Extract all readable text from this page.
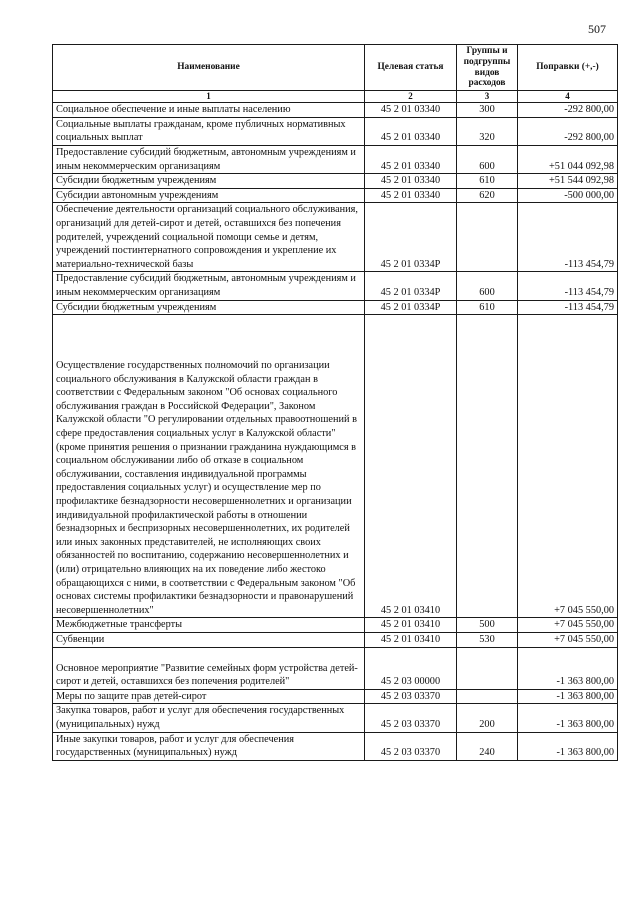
507
Наименование	Целевая статья	Группы и подгруппы видов расходов	Поправки (+,-)
1	2	3	4
Социальное обеспечение и иные выплаты населению	45 2 01 03340	300	-292 800,00
Социальные выплаты гражданам, кроме публичных нормативных социальных выплат	45 2 01 03340	320	-292 800,00
Предоставление субсидий бюджетным, автономным учреждениям и иным некоммерческим организациям	45 2 01 03340	600	+51 044 092,98
Субсидии бюджетным учреждениям	45 2 01 03340	610	+51 544 092,98
Субсидии автономным учреждениям	45 2 01 03340	620	-500 000,00
Обеспечение деятельности организаций социального обслуживания, организаций для детей-сирот и детей, оставшихся без попечения родителей, учреждений социальной помощи семье и детям, учреждений постинтернатного сопровождения и укрепление их материально-технической базы	45 2 01 0334Р		-113 454,79
Предоставление субсидий бюджетным, автономным учреждениям и иным некоммерческим организациям	45 2 01 0334Р	600	-113 454,79
Субсидии бюджетным учреждениям	45 2 01 0334Р	610	-113 454,79
Осуществление государственных полномочий по организации социального обслуживания в Калужской области граждан в соответствии с Федеральным законом "Об основах социального обслуживания граждан в Российской Федерации", Законом Калужской области "О регулировании отдельных правоотношений в сфере предоставления социальных услуг в Калужской области" (кроме принятия решения о признании гражданина нуждающимся в социальном обслуживании либо об отказе в социальном обслуживании, составления индивидуальной программы предоставления социальных услуг) и осуществление мер по профилактике безнадзорности несовершеннолетних и организации индивидуальной профилактической работы в отношении безнадзорных и беспризорных несовершеннолетних, их родителей или иных законных представителей, не исполняющих своих обязанностей по воспитанию, содержанию несовершеннолетних и (или) отрицательно влияющих на их поведение либо жестоко обращающихся с ними, в соответствии с Федеральным законом "Об основах системы профилактики безнадзорности и правонарушений несовершеннолетних"	45 2 01 03410		+7 045 550,00
Межбюджетные трансферты	45 2 01 03410	500	+7 045 550,00
Субвенции	45 2 01 03410	530	+7 045 550,00
Основное мероприятие "Развитие семейных форм устройства детей-сирот и детей, оставшихся без попечения родителей"	45 2 03 00000		-1 363 800,00
Меры по защите прав детей-сирот	45 2 03 03370		-1 363 800,00
Закупка товаров, работ и услуг для обеспечения государственных (муниципальных) нужд	45 2 03 03370	200	-1 363 800,00
Иные закупки товаров, работ и услуг для обеспечения государственных (муниципальных) нужд	45 2 03 03370	240	-1 363 800,00
